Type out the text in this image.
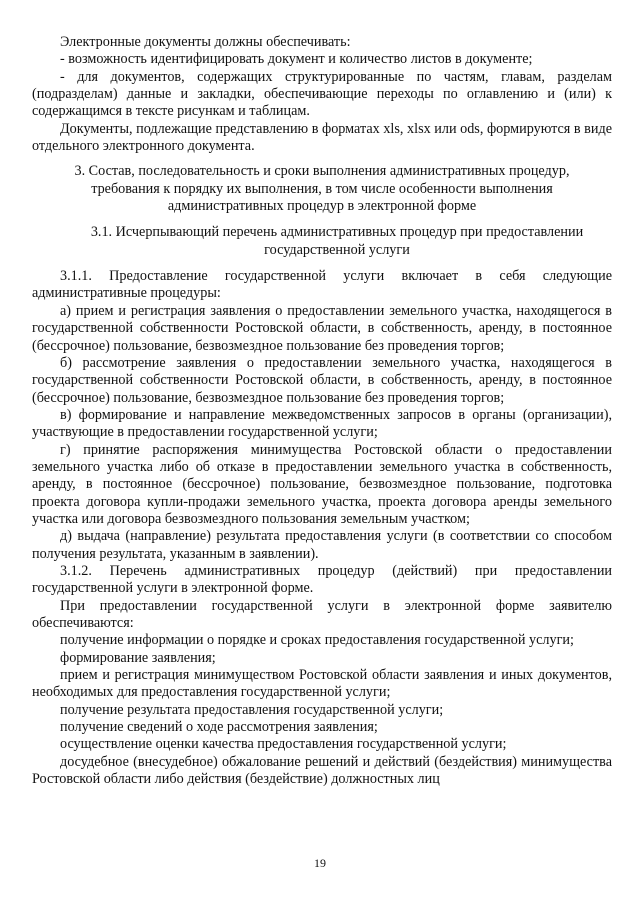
Электронные документы должны обеспечивать:

- возможность идентифицировать документ и количество листов в документе;

- для документов, содержащих структурированные по частям, главам, разделам (подразделам) данные и закладки, обеспечивающие переходы по оглавлению и (или) к содержащимся в тексте рисункам и таблицам.

Документы, подлежащие представлению в форматах xls, xlsx или ods, формируются в виде отдельного электронного документа.

3. Состав, последовательность и сроки выполнения административных процедур, требования к порядку их выполнения, в том числе особенности выполнения административных процедур в электронной форме

3.1. Исчерпывающий перечень административных процедур при предоставлении государственной услуги

3.1.1. Предоставление государственной услуги включает в себя следующие административные процедуры:

а) прием и регистрация заявления о предоставлении земельного участка, находящегося в государственной собственности Ростовской области, в собственность, аренду, в постоянное (бессрочное) пользование, безвозмездное пользование без проведения торгов;

б) рассмотрение заявления о предоставлении земельного участка, находящегося в государственной собственности Ростовской области, в собственность, аренду, в постоянное (бессрочное) пользование, безвозмездное пользование без проведения торгов;

в) формирование и направление межведомственных запросов в органы (организации), участвующие в предоставлении государственной услуги;

г) принятие распоряжения минимущества Ростовской области о предоставлении земельного участка либо об отказе в предоставлении земельного участка в собственность, аренду, в постоянное (бессрочное) пользование, безвозмездное пользование, подготовка проекта договора купли-продажи земельного участка, проекта договора аренды земельного участка или договора безвозмездного пользования земельным участком;

д) выдача (направление) результата предоставления услуги (в соответствии со способом получения результата, указанным в заявлении).

3.1.2. Перечень административных процедур (действий) при предоставлении государственной услуги в электронной форме.

При предоставлении государственной услуги в электронной форме заявителю обеспечиваются:

получение информации о порядке и сроках предоставления государственной услуги;

формирование заявления;

прием и регистрация минимуществом Ростовской области заявления и иных документов, необходимых для предоставления государственной услуги;

получение результата предоставления государственной услуги;

получение сведений о ходе рассмотрения заявления;

осуществление оценки качества предоставления государственной услуги;

досудебное (внесудебное) обжалование решений и действий (бездействия) минимущества Ростовской области либо действия (бездействие) должностных лиц

19
